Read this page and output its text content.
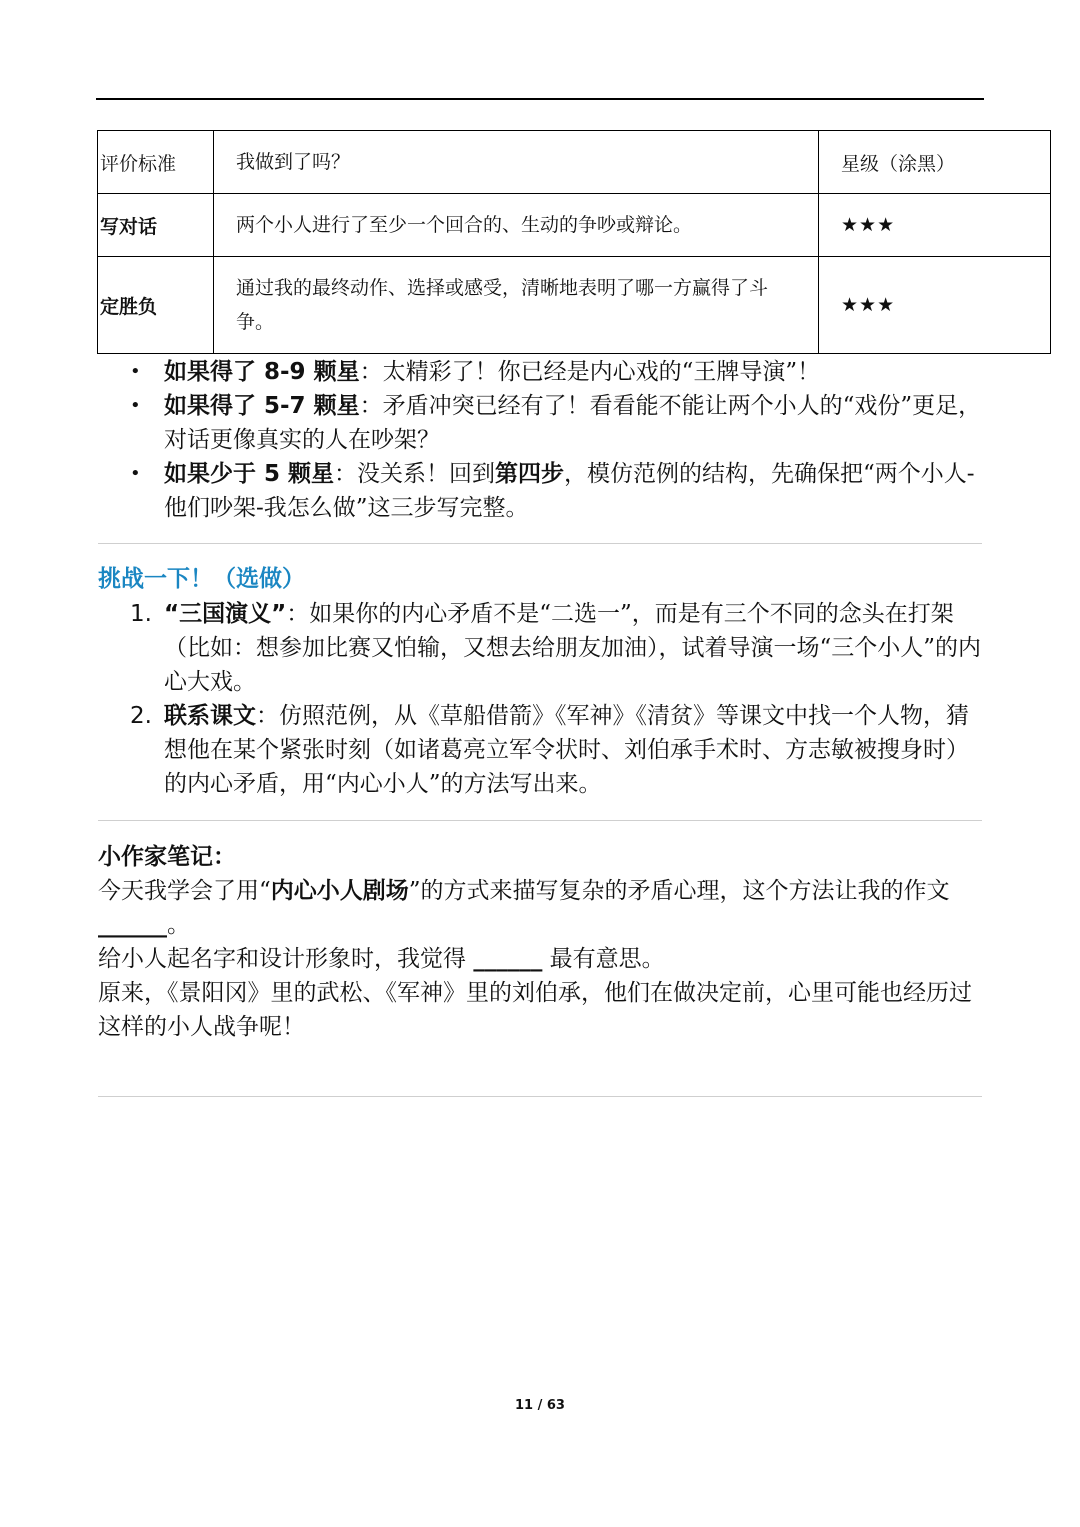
评价标准	我做到了吗？	星级（涂黑）
写对话	两个小人进行了至少一个回合的、生动的争吵或辩论。	★★★
定胜负	通过我的最终动作、选择或感受，清晰地表明了哪一方赢得了斗争。	★★★
• 如果得了 8-9 颗星：太精彩了！你已经是内心戏的“王牌导演”！
• 如果得了 5-7 颗星：矛盾冲突已经有了！看看能不能让两个小人的“戏份”更足，对话更像真实的人在吵架？
• 如果少于 5 颗星：没关系！回到第四步，模仿范例的结构，先确保把“两个小人-他们吵架-我怎么做”这三步写完整。
挑战一下！（选做）
1. “三国演义”：如果你的内心矛盾不是“二选一”，而是有三个不同的念头在打架（比如：想参加比赛又怕输，又想去给朋友加油），试着导演一场“三个小人”的内心大戏。
2. 联系课文：仿照范例，从《草船借箭》《军神》《清贫》等课文中找一个人物，猜想他在某个紧张时刻（如诸葛亮立军令状时、刘伯承手术时、方志敏被搜身时）的内心矛盾，用“内心小人”的方法写出来。
小作家笔记：
今天我学会了用“内心小人剧场”的方式来描写复杂的矛盾心理，这个方法让我的作文______。
给小人起名字和设计形象时，我觉得 ______ 最有意思。
原来，《景阳冈》里的武松、《军神》里的刘伯承，他们在做决定前，心里可能也经历过这样的小人战争呢！
11 / 63
